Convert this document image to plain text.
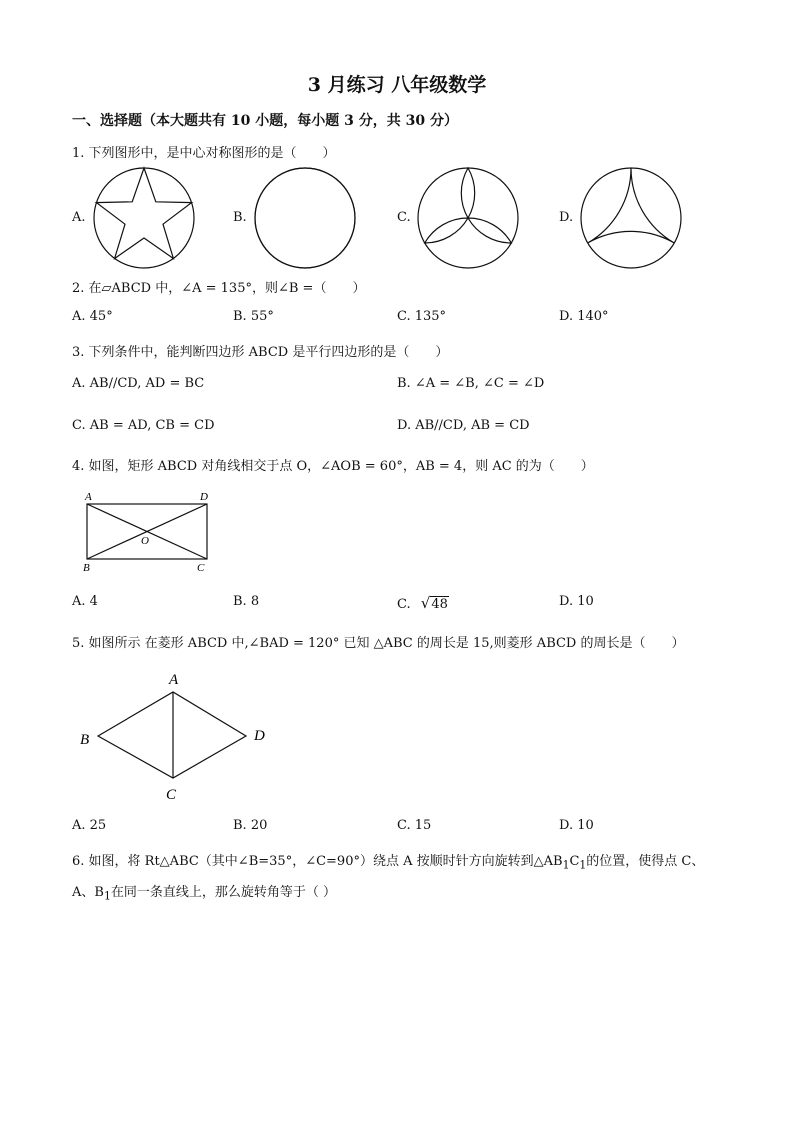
3 月练习 八年级数学
一、选择题（本大题共有 10 小题，每小题 3 分，共 30 分）
1. 下列图形中，是中心对称图形的是（　　）
A.	B.	C.	D.
2. 在▱ABCD 中，∠A = 135°，则∠B =（　　）
A. 45°	B. 55°	C. 135°	D. 140°
3. 下列条件中，能判断四边形 ABCD 是平行四边形的是（　　）
A. AB//CD, AD = BC	B. ∠A = ∠B, ∠C = ∠D
C. AB = AD, CB = CD	D. AB//CD, AB = CD
4. 如图，矩形 ABCD 对角线相交于点 O，∠AOB = 60°，AB = 4，则 AC 的为（　　）
A	D
B	C
O
A. 4	B. 8	C. √48	D. 10
5. 如图所示 在菱形 ABCD 中,∠BAD = 120° 已知 △ABC 的周长是 15,则菱形 ABCD 的周长是（　　）
A
B	D
C
A. 25	B. 20	C. 15	D. 10
6. 如图，将 Rt△ABC（其中∠B=35°，∠C=90°）绕点 A 按顺时针方向旋转到$\triangle AB_1C_1$的位置，使得点 C、
A、$B_1$在同一条直线上，那么旋转角等于（ ）
